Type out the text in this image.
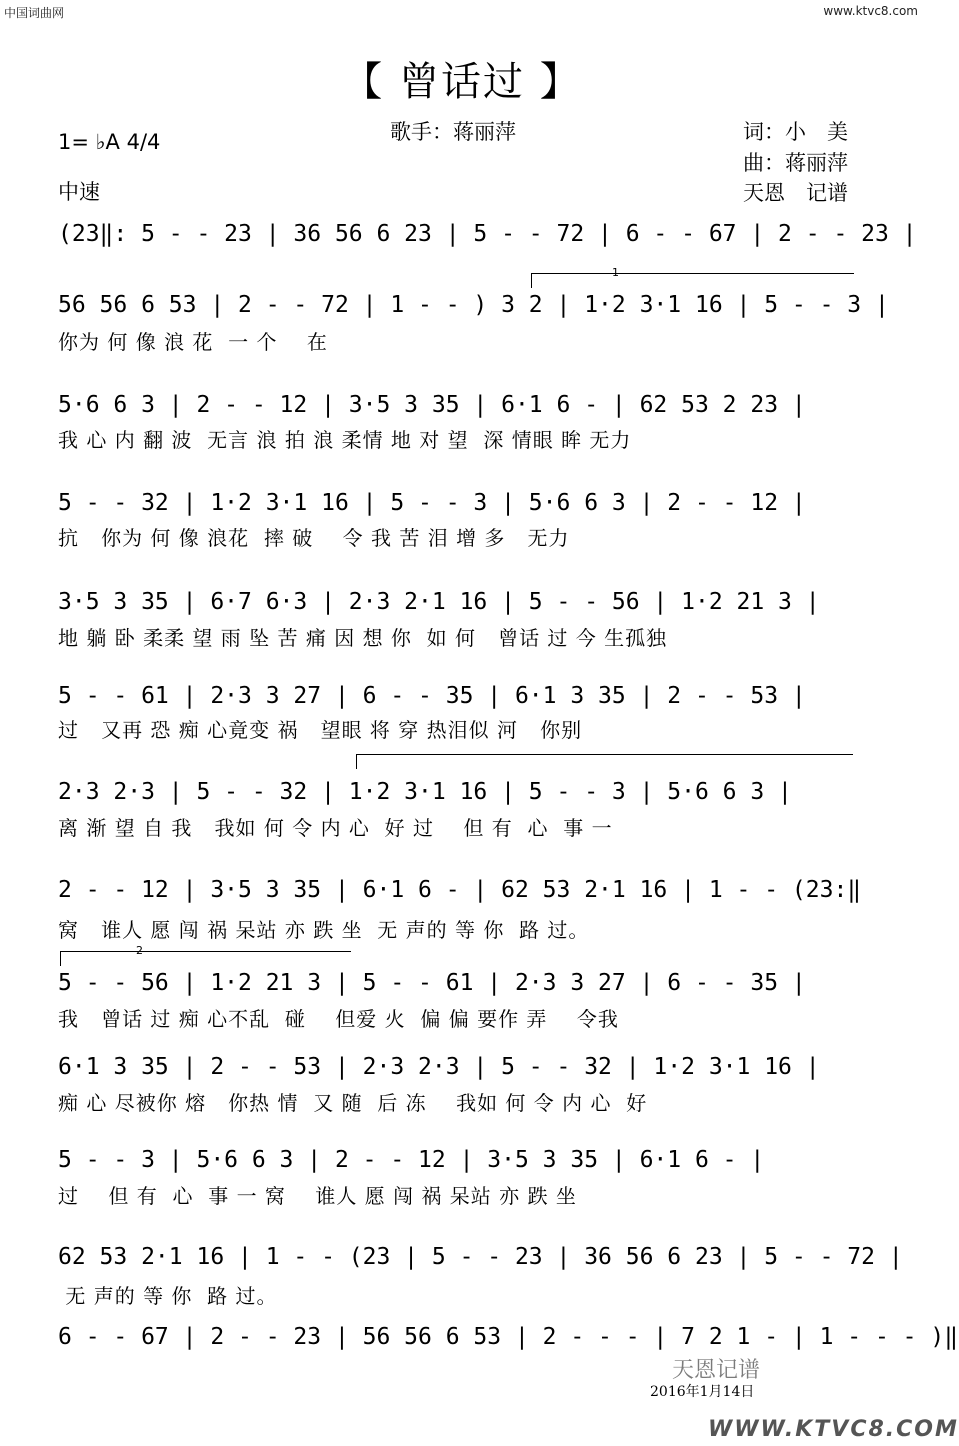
中国词曲网	www.ktvc8.com
【 曾话过 】
歌手：蒋丽萍	词：小　美
曲：蒋丽萍
天恩　记谱
1= ♭A 4/4
中速
1
2
(23‖: 5 - - 23 | 36 56 6 23 | 5 - - 72 | 6 - - 67 | 2 - - 23 |
56 56 6 53 | 2 - - 72 | 1 - - ) 3 2 | 1·2 3·1 16 | 5 - - 3 |
5·6 6 3 | 2 - - 12 | 3·5 3 35 | 6·1 6 - | 62 53 2 23 |
5 - - 32 | 1·2 3·1 16 | 5 - - 3 | 5·6 6 3 | 2 - - 12 |
3·5 3 35 | 6·7 6·3 | 2·3 2·1 16 | 5 - - 56 | 1·2 21 3 |
5 - - 61 | 2·3 3 27 | 6 - - 35 | 6·1 3 35 | 2 - - 53 |
2·3 2·3 | 5 - - 32 | 1·2 3·1 16 | 5 - - 3 | 5·6 6 3 |
2 - - 12 | 3·5 3 35 | 6·1 6 - | 62 53 2·1 16 | 1 - - (23:‖
5 - - 56 | 1·2 21 3 | 5 - - 61 | 2·3 3 27 | 6 - - 35 |
6·1 3 35 | 2 - - 53 | 2·3 2·3 | 5 - - 32 | 1·2 3·1 16 |
5 - - 3 | 5·6 6 3 | 2 - - 12 | 3·5 3 35 | 6·1 6 - |
62 53 2·1 16 | 1 - - (23 | 5 - - 23 | 36 56 6 23 | 5 - - 72 |
6 - - 67 | 2 - - 23 | 56 56 6 53 | 2 - - - | 7 2 1 - | 1 - - - )‖
你为 何 像 浪 花  一 个    在
我 心 内 翻 波  无言 浪 拍 浪 柔情 地 对 望  深 情眼 眸 无力
抗   你为 何 像 浪花  摔 破    令 我 苦 泪 增 多   无力
地 躺 卧 柔柔 望 雨 坠 苦 痛 因 想 你  如 何   曾话 过 今 生孤独
过   又再 恐 痴 心竟变 祸   望眼 将 穿 热泪似 河   你别
离 渐 望 自 我   我如 何 令 内 心  好 过    但 有  心  事 一
窝   谁人 愿 闯 祸 呆站 亦 跌 坐  无 声的 等 你  路 过。
我   曾话 过 痴 心不乱  碰    但爱 火  偏 偏 要作 弄    令我
痴 心 尽被你 熔   你热 情  又 随  后 冻    我如 何 令 内 心  好
过    但 有  心  事 一 窝    谁人 愿 闯 祸 呆站 亦 跌 坐
无 声的 等 你  路 过。
天恩记谱
2016年1月14日
WWW.KTVC8.COM
